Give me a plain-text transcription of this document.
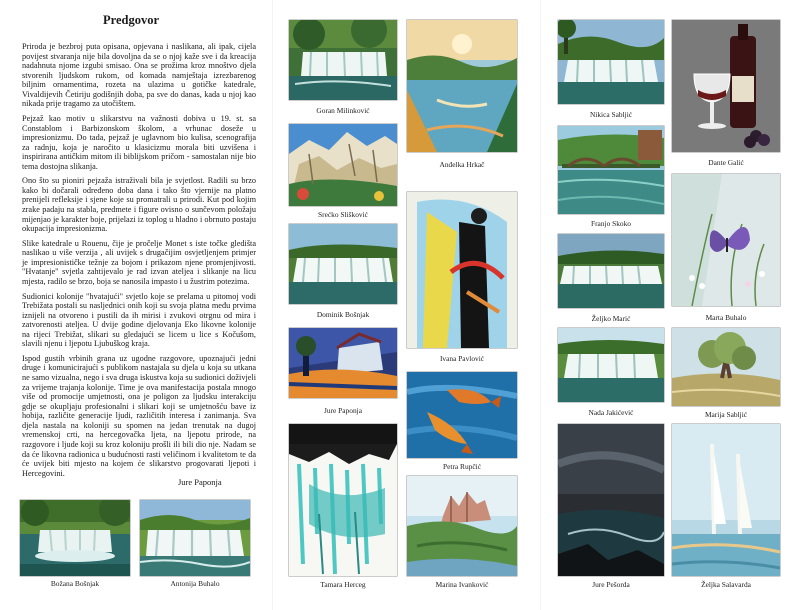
Predgovor

Priroda je bezbroj puta opisana, opjevana i naslikana, ali ipak, cijela povijest stvaranja nije bila dovoljna da se o njoj kaže sve i da kreacija nadahnuta njome izgubi smisao. Ona se prožima kroz mnoštvo djela stvorenih ljudskom rukom, od komada namještaja izrezbarenog biljnim ornamentima, rozeta na ulazima u gotičke katedrale, Vivaldijevih Četiriju godišnjih doba, pa sve do danas, kada u njoj kao nikada prije tragamo za utočištem.

Pejzaž kao motiv u slikarstvu na važnosti dobiva u 19. st. sa Constablom i Barbizonskom školom, a vrhunac doseže u impresionizmu. Do tada, pejzaž je uglavnom bio kulisa, scenografija za radnju, koja je naročito u klasicizmu morala biti uzvišena i inspirirana antičkim mitom ili biblijskom pričom - samostalan nije bio tema dostojna slikanja.

Ono što su pioniri pejzaža istraživali bila je svjetlost. Radili su brzo kako bi dočarali određeno doba dana i tako što vjernije na platno prenijeli refleksije i sjene koje su promatrali u prirodi. Kut pod kojim zrake padaju na stabla, predmete i figure ovisno o sunčevom položaju mijenjao je karakter boje, prijelazi iz toplog u hladno i obrnuto postaju okupacija impresionizma.

Slike katedrale u Rouenu, čije je pročelje Monet s iste točke gledišta naslikao u više verzija , ali uvijek s drugačijim osvjetljenjem primjer je impresionističke težnje za bojom i prikazom njene promjenjivosti. "Hvatanje" svjetla zahtijevalo je rad izvan ateljea i slikanje na licu mjesta, radilo se brzo, boja se nanosila impasto i u žustrim potezima.

Sudionici kolonije "hvatajući" svjetlo koje se prelama u pitomoj vodi Trebižata postali su nasljednici onih koji su svoja platna među prvima iznijeli na otvoreno i pustili da ih mirisi i zvukovi otrgnu od mira i zatvorenosti ateljea. U dvije godine djelovanja Eko likovne kolonije na rijeci Trebižat, slikari su gledajući se licem u lice s Kočušom, slavili njenu i ljepotu Ljubuškog kraja.

Ispod gustih vrbinih grana uz ugodne razgovore, upoznajući jedni druge i komunicirajući s publikom nastajala su djela u koja su utkana ne samo vizualna, nego i sva druga iskustva koja su sudionici doživjeli za vrijeme trajanja kolonije. Time je ova manifestacija postala mnogo više od promocije umjetnosti, ona je poligon za ljudsku interakciju gdje se okupljaju profesionalni i slikari koji se umjetnošću bave iz hobija, različite generacije ljudi, različitih interesa i zanimanja. Sva djela nastala na koloniji su spomen na jedan trenutak na dugoj vremenskoj crti, na hercegovačka ljeta, na ljepotu prirode, na razgovore i ljude koji su kroz koloniju prošli ili bili dio nje. Nadam se da će likovna radionica u budućnosti rasti veličinom i kvalitetom te da će uvijek biti mjesto na kojem će slikarstvo progovarati ljepoti i Hercegovini.

Jure Paponja
Božana Bošnjak	Antonija Buhalo
Goran Milinković
Anđelka Hrkač
Srećko Slišković
Ivana Pavlović
Dominik Bošnjak
Jure Paponja
Petra Rupčić
Tamara Herceg	Marina Ivanković
Nikica Sabljić
Dante Galić
Franjo Skoko
Marta Buhalo
Željko Marić
Nada Jakićević	Marija Sabljić
Jure Pešorda	Željka Salavarda
